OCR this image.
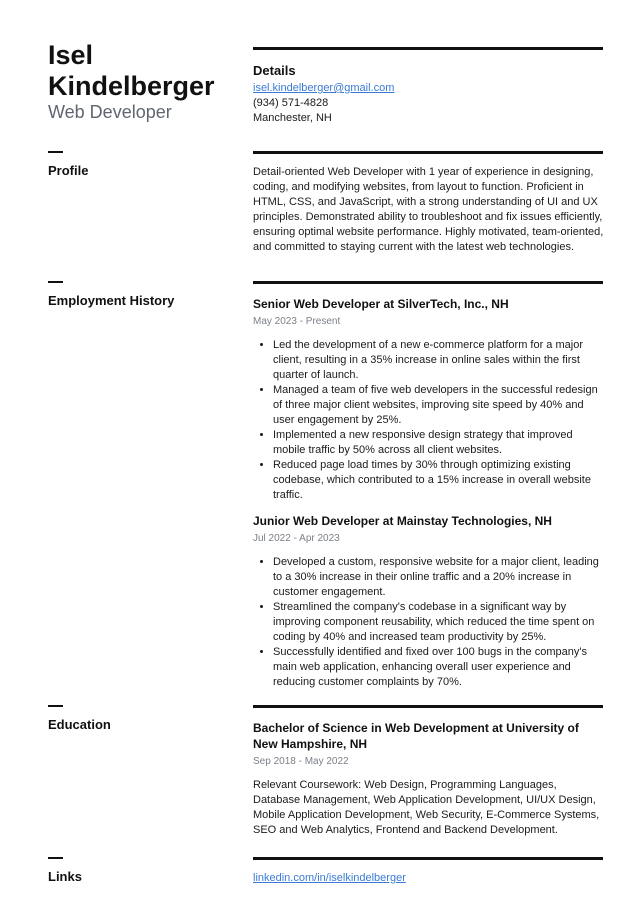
Isel
Kindelberger
Web Developer
Details
isel.kindelberger@gmail.com
(934) 571-4828
Manchester, NH
Profile	Detail-oriented Web Developer with 1 year of experience in designing, coding, and modifying websites, from layout to function. Proficient in HTML, CSS, and JavaScript, with a strong understanding of UI and UX principles. Demonstrated ability to troubleshoot and fix issues efficiently, ensuring optimal website performance. Highly motivated, team-oriented, and committed to staying current with the latest web technologies.
Employment History	Senior Web Developer at SilverTech, Inc., NH
May 2023 - Present
• Led the development of a new e-commerce platform for a major client, resulting in a 35% increase in online sales within the first quarter of launch.
• Managed a team of five web developers in the successful redesign of three major client websites, improving site speed by 40% and user engagement by 25%.
• Implemented a new responsive design strategy that improved mobile traffic by 50% across all client websites.
• Reduced page load times by 30% through optimizing existing codebase, which contributed to a 15% increase in overall website traffic.
Junior Web Developer at Mainstay Technologies, NH
Jul 2022 - Apr 2023
• Developed a custom, responsive website for a major client, leading to a 30% increase in their online traffic and a 20% increase in customer engagement.
• Streamlined the company's codebase in a significant way by improving component reusability, which reduced the time spent on coding by 40% and increased team productivity by 25%.
• Successfully identified and fixed over 100 bugs in the company's main web application, enhancing overall user experience and reducing customer complaints by 70%.
Education	Bachelor of Science in Web Development at University of New Hampshire, NH
Sep 2018 - May 2022
Relevant Coursework: Web Design, Programming Languages, Database Management, Web Application Development, UI/UX Design, Mobile Application Development, Web Security, E-Commerce Systems, SEO and Web Analytics, Frontend and Backend Development.
Links	linkedin.com/in/iselkindelberger
